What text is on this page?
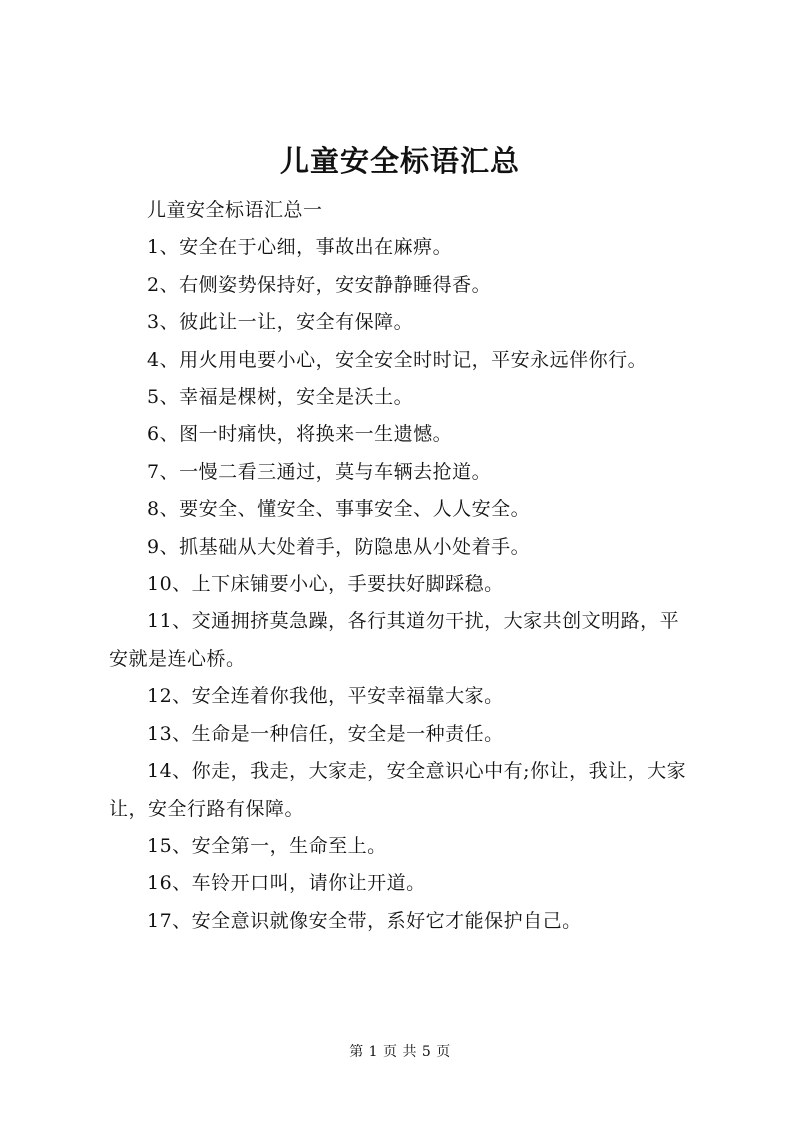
儿童安全标语汇总

儿童安全标语汇总一

1、安全在于心细，事故出在麻痹。

2、右侧姿势保持好，安安静静睡得香。

3、彼此让一让，安全有保障。

4、用火用电要小心，安全安全时时记，平安永远伴你行。

5、幸福是棵树，安全是沃土。

6、图一时痛快，将换来一生遗憾。

7、一慢二看三通过，莫与车辆去抢道。

8、要安全、懂安全、事事安全、人人安全。

9、抓基础从大处着手，防隐患从小处着手。

10、上下床铺要小心，手要扶好脚踩稳。

11、交通拥挤莫急躁，各行其道勿干扰，大家共创文明路，平安就是连心桥。

12、安全连着你我他，平安幸福靠大家。

13、生命是一种信任，安全是一种责任。

14、你走，我走，大家走，安全意识心中有;你让，我让，大家让，安全行路有保障。

15、安全第一，生命至上。

16、车铃开口叫，请你让开道。

17、安全意识就像安全带，系好它才能保护自己。

第 1 页 共 5 页
